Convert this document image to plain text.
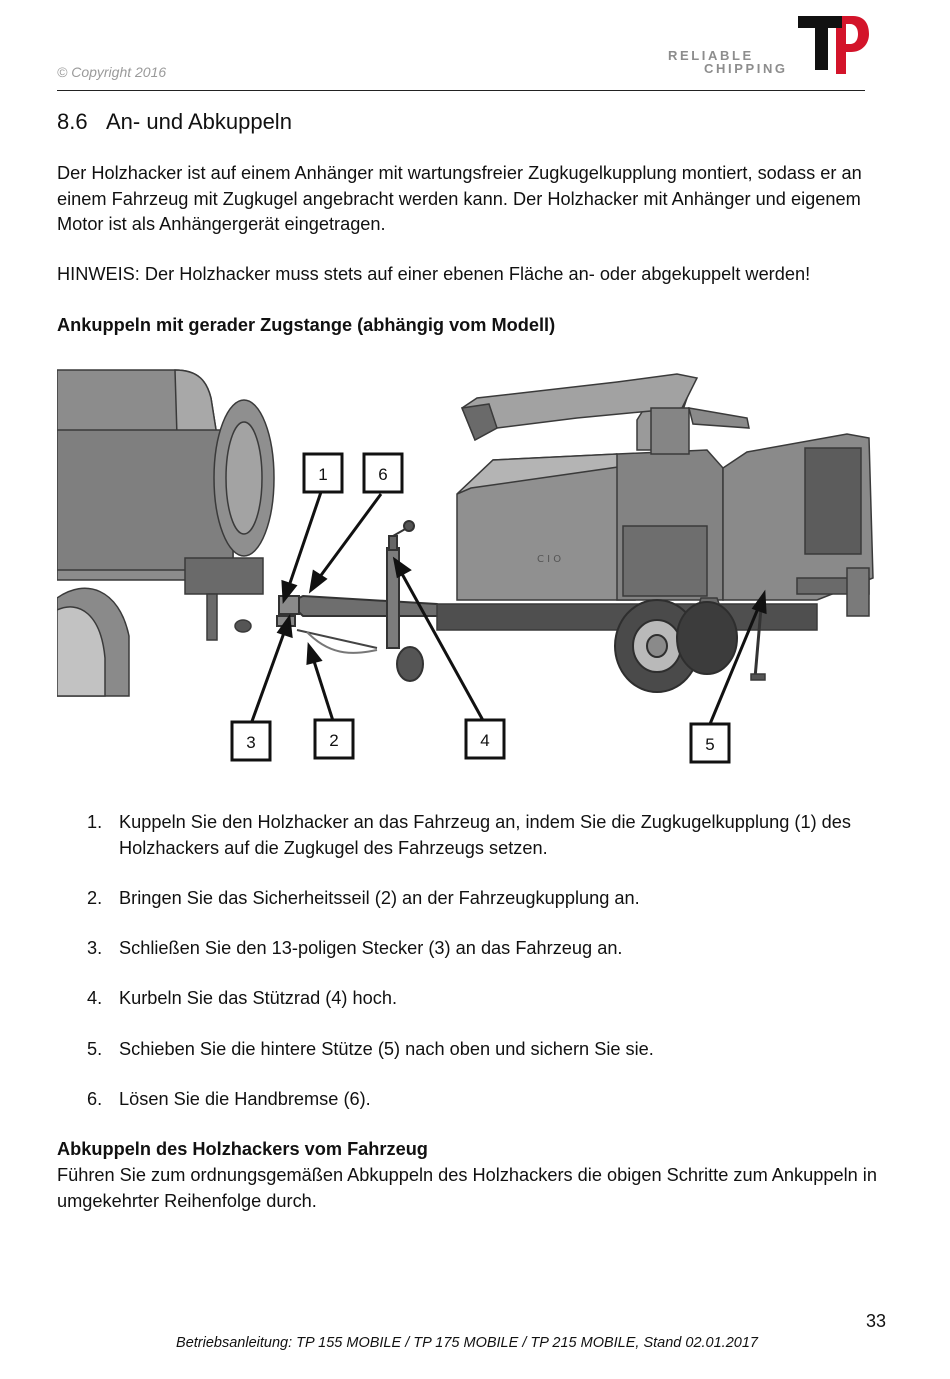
© Copyright 2016
RELIABLE
CHIPPING
8.6 An- und Abkuppeln
Der Holzhacker ist auf einem Anhänger mit wartungsfreier Zugkugelkupplung montiert, sodass er an einem Fahrzeug mit Zugkugel angebracht werden kann. Der Holzhacker mit Anhänger und eigenem Motor ist als Anhängergerät eingetragen.
HINWEIS: Der Holzhacker muss stets auf einer ebenen Fläche an- oder abgekuppelt werden!
Ankuppeln mit gerader Zugstange (abhängig vom Modell)
C I O
1	6
3	2	4	5
1. Kuppeln Sie den Holzhacker an das Fahrzeug an, indem Sie die Zugkugelkupplung (1) des Holzhackers auf die Zugkugel des Fahrzeugs setzen.
2. Bringen Sie das Sicherheitsseil (2) an der Fahrzeugkupplung an.
3. Schließen Sie den 13-poligen Stecker (3) an das Fahrzeug an.
4. Kurbeln Sie das Stützrad (4) hoch.
5. Schieben Sie die hintere Stütze (5) nach oben und sichern Sie sie.
6. Lösen Sie die Handbremse (6).
Abkuppeln des Holzhackers vom Fahrzeug
Führen Sie zum ordnungsgemäßen Abkuppeln des Holzhackers die obigen Schritte zum Ankuppeln in umgekehrter Reihenfolge durch.
33
Betriebsanleitung: TP 155 MOBILE / TP 175 MOBILE / TP 215 MOBILE, Stand 02.01.2017
